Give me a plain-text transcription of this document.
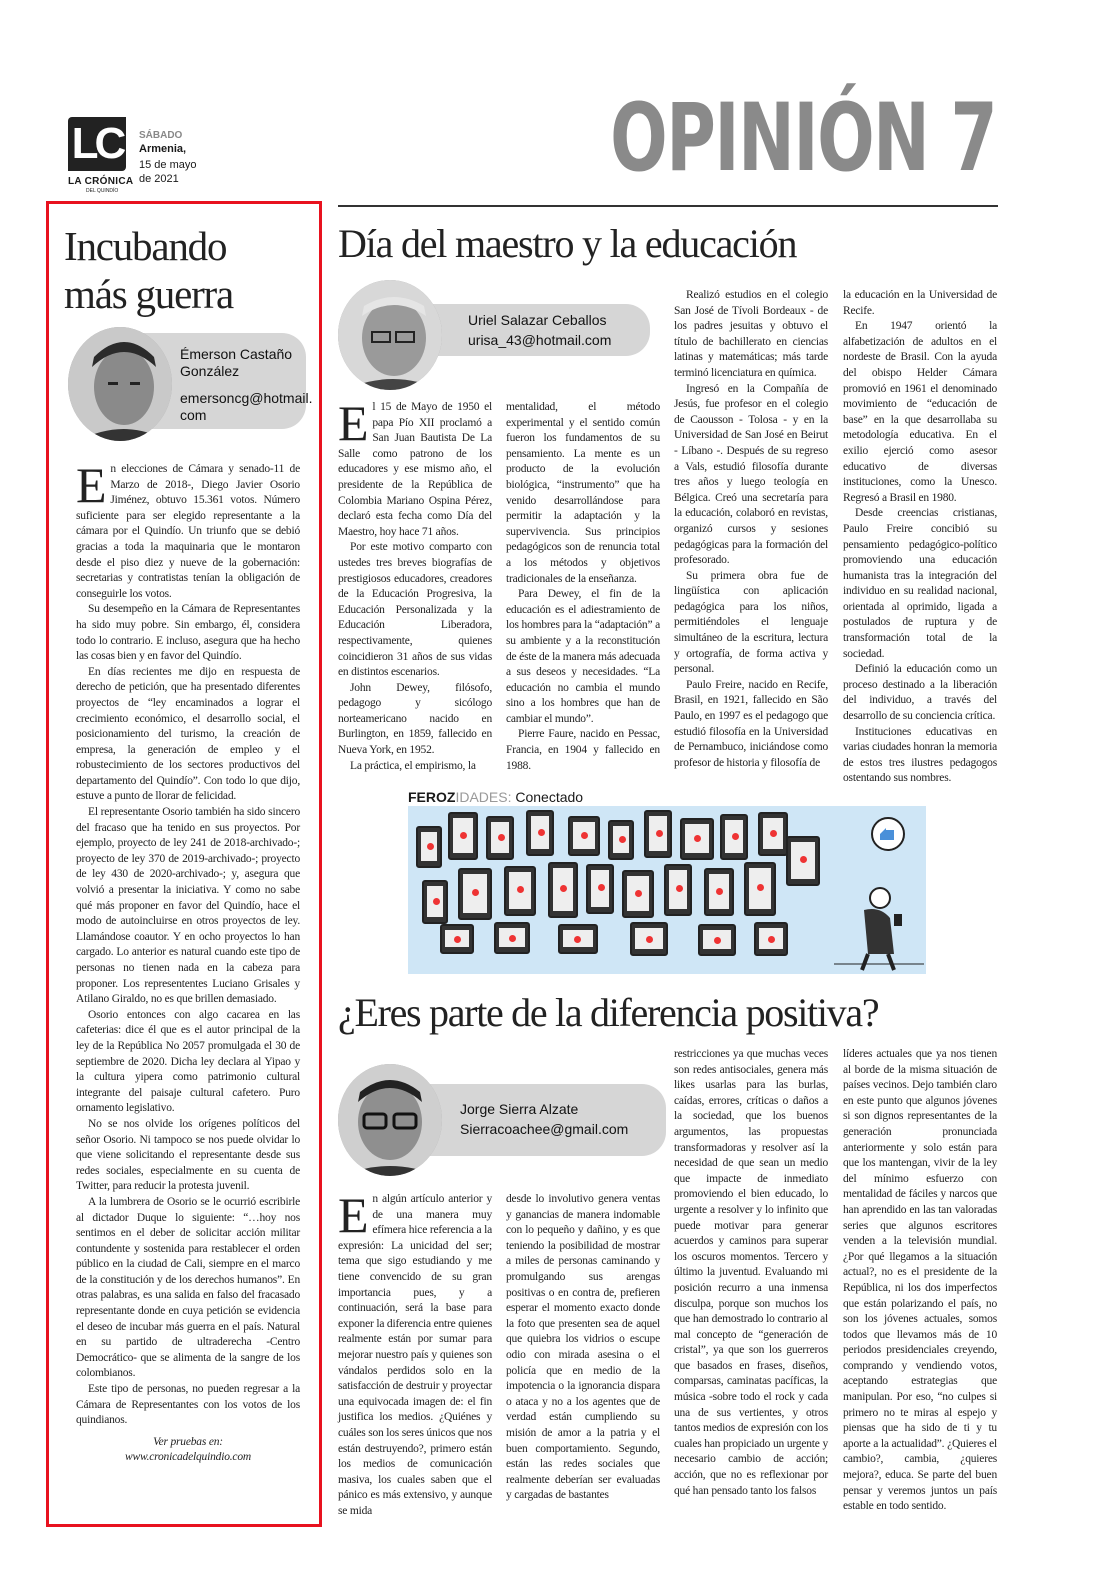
LC
LA CRÓNICA
DEL QUINDÍO
SÁBADO
Armenia,
15 de mayo
de 2021	OPINIÓN 7
Incubando
más guerra
Émerson Castaño
González
emersoncg@hotmail.
com

En elecciones de Cámara y senado-11 de Marzo de 2018-, Diego Javier Osorio Jiménez, obtuvo 15.361 votos. Número suficiente para ser elegido representante a la cámara por el Quindío. Un triunfo que se debió gracias a toda la maquinaria que le montaron desde el piso diez y nueve de la gobernación: secretarias y contratistas tenían la obligación de conseguirle los votos.

Su desempeño en la Cámara de Representantes ha sido muy pobre. Sin embargo, él, considera todo lo contrario. E incluso, asegura que ha hecho las cosas bien y en favor del Quindío.

En días recientes me dijo en respuesta de derecho de petición, que ha presentado diferentes proyectos de “ley encaminados a lograr el crecimiento económico, el desarrollo social, el posicionamiento del turismo, la creación de empresa, la generación de empleo y el robustecimiento de los sectores productivos del departamento del Quindío”. Con todo lo que dijo, estuve a punto de llorar de felicidad.

El representante Osorio también ha sido sincero del fracaso que ha tenido en sus proyectos. Por ejemplo, proyecto de ley 241 de 2018-archivado-; proyecto de ley 370 de 2019-archivado-; proyecto de ley 430 de 2020-archivado-; y, asegura que volvió a presentar la iniciativa. Y como no sabe qué más proponer en favor del Quindío, hace el modo de autoincluirse en otros proyectos de ley. Llamándose coautor. Y en ocho proyectos lo han cargado. Lo anterior es natural cuando este tipo de personas no tienen nada en la cabeza para proponer. Los represententes Luciano Grisales y Atilano Giraldo, no es que brillen demasiado.

Osorio entonces con algo cacarea en las cafeterias: dice él que es el autor principal de la ley de la República No 2057 promulgada el 30 de septiembre de 2020. Dicha ley declara al Yipao y la cultura yipera como patrimonio cultural integrante del paisaje cultural cafetero. Puro ornamento legislativo.

No se nos olvide los orígenes políticos del señor Osorio. Ni tampoco se nos puede olvidar lo que viene solicitando el representante desde sus redes sociales, especialmente en su cuenta de Twitter, para reducir la protesta juvenil.

A la lumbrera de Osorio se le ocurrió escribirle al dictador Duque lo siguiente: “…hoy nos sentimos en el deber de solicitar acción militar contundente y sostenida para restablecer el orden público en la ciudad de Cali, siempre en el marco de la constitución y de los derechos humanos”. En otras palabras, es una salida en falso del fracasado representante donde en cuya petición se evidencia el deseo de incubar más guerra en el país. Natural en su partido de ultraderecha -Centro Democrático- que se alimenta de la sangre de los colombianos.

Este tipo de personas, no pueden regresar a la Cámara de Representantes con los votos de los quindianos.

Ver pruebas en:

www.cronicadelquindio.com

Día del maestro y la educación
Uriel Salazar Ceballos
urisa_43@hotmail.com

El 15 de Mayo de 1950 el papa Pío XII proclamó a San Juan Bautista De La Salle como patrono de los educadores y ese mismo año, el presidente de la República de Colombia Mariano Ospina Pérez, declaró esta fecha como Día del Maestro, hoy hace 71 años.

Por este motivo comparto con ustedes tres breves biografías de prestigiosos educadores, creadores de la Educación Progresiva, la Educación Personalizada y la Educación Liberadora, respectivamente, quienes coincidieron 31 años de sus vidas en distintos escenarios.

John Dewey, filósofo, pedagogo y sicólogo norteamericano nacido en Burlington, en 1859, fallecido en Nueva York, en 1952.

La práctica, el empirismo, la

mentalidad, el método experimental y el sentido común fueron los fundamentos de su pensamiento. La mente es un producto de la evolución biológica, “instrumento” que ha venido desarrollándose para permitir la adaptación y la supervivencia. Sus principios pedagógicos son de renuncia total a los métodos y objetivos tradicionales de la enseñanza.

Para Dewey, el fin de la educación es el adiestramiento de los hombres para la “adaptación” a su ambiente y a la reconstitución de éste de la manera más adecuada a sus deseos y necesidades. “La educación no cambia el mundo sino a los hombres que han de cambiar el mundo”.

Pierre Faure, nacido en Pessac, Francia, en 1904 y fallecido en 1988.

Realizó estudios en el colegio San José de Tívoli Bordeaux - de los padres jesuitas y obtuvo el título de bachillerato en ciencias latinas y matemáticas; más tarde terminó licenciatura en química.

Ingresó en la Compañía de Jesús, fue profesor en el colegio de Caousson - Tolosa - y en la Universidad de San José en Beirut - Líbano -. Después de su regreso a Vals, estudió filosofía durante tres años y luego teología en Bélgica. Creó una secretaría para la educación, colaboró en revistas, organizó cursos y sesiones pedagógicas para la formación del profesorado.

Su primera obra fue de lingüística con aplicación pedagógica para los niños, permitiéndoles el lenguaje simultáneo de la escritura, lectura y ortografía, de forma activa y personal.

Paulo Freire, nacido en Recife, Brasil, en 1921, fallecido en São Paulo, en 1997 es el pedagogo que estudió filosofía en la Universidad de Pernambuco, iniciándose como profesor de historia y filosofía de

la educación en la Universidad de Recife.

En 1947 orientó la alfabetización de adultos en el nordeste de Brasil. Con la ayuda del obispo Helder Cámara promovió en 1961 el denominado movimiento de “educación de base” en la que desarrollaba su metodología educativa. En el exilio ejerció como asesor educativo de diversas instituciones, como la Unesco. Regresó a Brasil en 1980.

Desde creencias cristianas, Paulo Freire concibió su pensamiento pedagógico-político promoviendo una educación humanista tras la integración del individuo en su realidad nacional, orientada al oprimido, ligada a postulados de ruptura y de transformación total de la sociedad.

Definió la educación como un proceso destinado a la liberación del individuo, a través del desarrollo de su conciencia crítica.

Instituciones educativas en varias ciudades honran la memoria de estos tres ilustres pedagogos ostentando sus nombres.

FEROZIDADES: Conectado
¿Eres parte de la diferencia positiva?
Jorge Sierra Alzate
Sierracoachee@gmail.com

En algún artículo anterior y de una manera muy efímera hice referencia a la expresión: La unicidad del ser; tema que sigo estudiando y me tiene convencido de su gran importancia pues, y a continuación, será la base para exponer la diferencia entre quienes realmente están por sumar para mejorar nuestro país y quienes son vándalos perdidos solo en la satisfacción de destruir y proyectar una equivocada imagen de: el fin justifica los medios. ¿Quiénes y cuáles son los seres únicos que nos están destruyendo?, primero están los medios de comunicación masiva, los cuales saben que el pánico es más extensivo, y aunque se mida

desde lo involutivo genera ventas y ganancias de manera indomable con lo pequeño y dañino, y es que teniendo la posibilidad de mostrar a miles de personas caminando y promulgando sus arengas positivas o en contra de, prefieren esperar el momento exacto donde la foto que presenten sea de aquel que quiebra los vidrios o escupe odio con mirada asesina o el policía que en medio de la impotencia o la ignorancia dispara o ataca y no a los agentes que de verdad están cumpliendo su misión de amor a la patria y el buen comportamiento. Segundo, están las redes sociales que realmente deberían ser evaluadas y cargadas de bastantes

restricciones ya que muchas veces son redes antisociales, genera más likes usarlas para las burlas, caídas, errores, críticas o daños a la sociedad, que los buenos argumentos, las propuestas transformadoras y resolver así la necesidad de que sean un medio que impacte de inmediato promoviendo el bien educado, lo urgente a resolver y lo infinito que puede motivar para generar acuerdos y caminos para superar los oscuros momentos. Tercero y último la juventud. Evaluando mi posición recurro a una inmensa disculpa, porque son muchos los que han demostrado lo contrario al mal concepto de “generación de cristal”, ya que son los guerreros que basados en frases, diseños, comparsas, caminatas pacíficas, la música -sobre todo el rock y cada una de sus vertientes, y otros tantos medios de expresión con los cuales han propiciado un urgente y necesario cambio de acción; acción, que no es reflexionar por qué han pensado tanto los falsos

líderes actuales que ya nos tienen al borde de la misma situación de países vecinos. Dejo también claro en este punto que algunos jóvenes si son dignos representantes de la generación pronunciada anteriormente y solo están para que los mantengan, vivir de la ley del mínimo esfuerzo con mentalidad de fáciles y narcos que han aprendido en las tan valoradas series que algunos escritores venden a la televisión mundial. ¿Por qué llegamos a la situación actual?, no es el presidente de la República, ni los dos imperfectos que están polarizando el país, no son los jóvenes actuales, somos todos que llevamos más de 10 periodos presidenciales creyendo, comprando y vendiendo votos, aceptando estrategias que manipulan. Por eso, “no culpes si primero no te miras al espejo y piensas que ha sido de ti y tu aporte a la actualidad”. ¿Quieres el cambio?, cambia, ¿quieres mejora?, educa. Se parte del buen pensar y veremos juntos un país estable en todo sentido.
